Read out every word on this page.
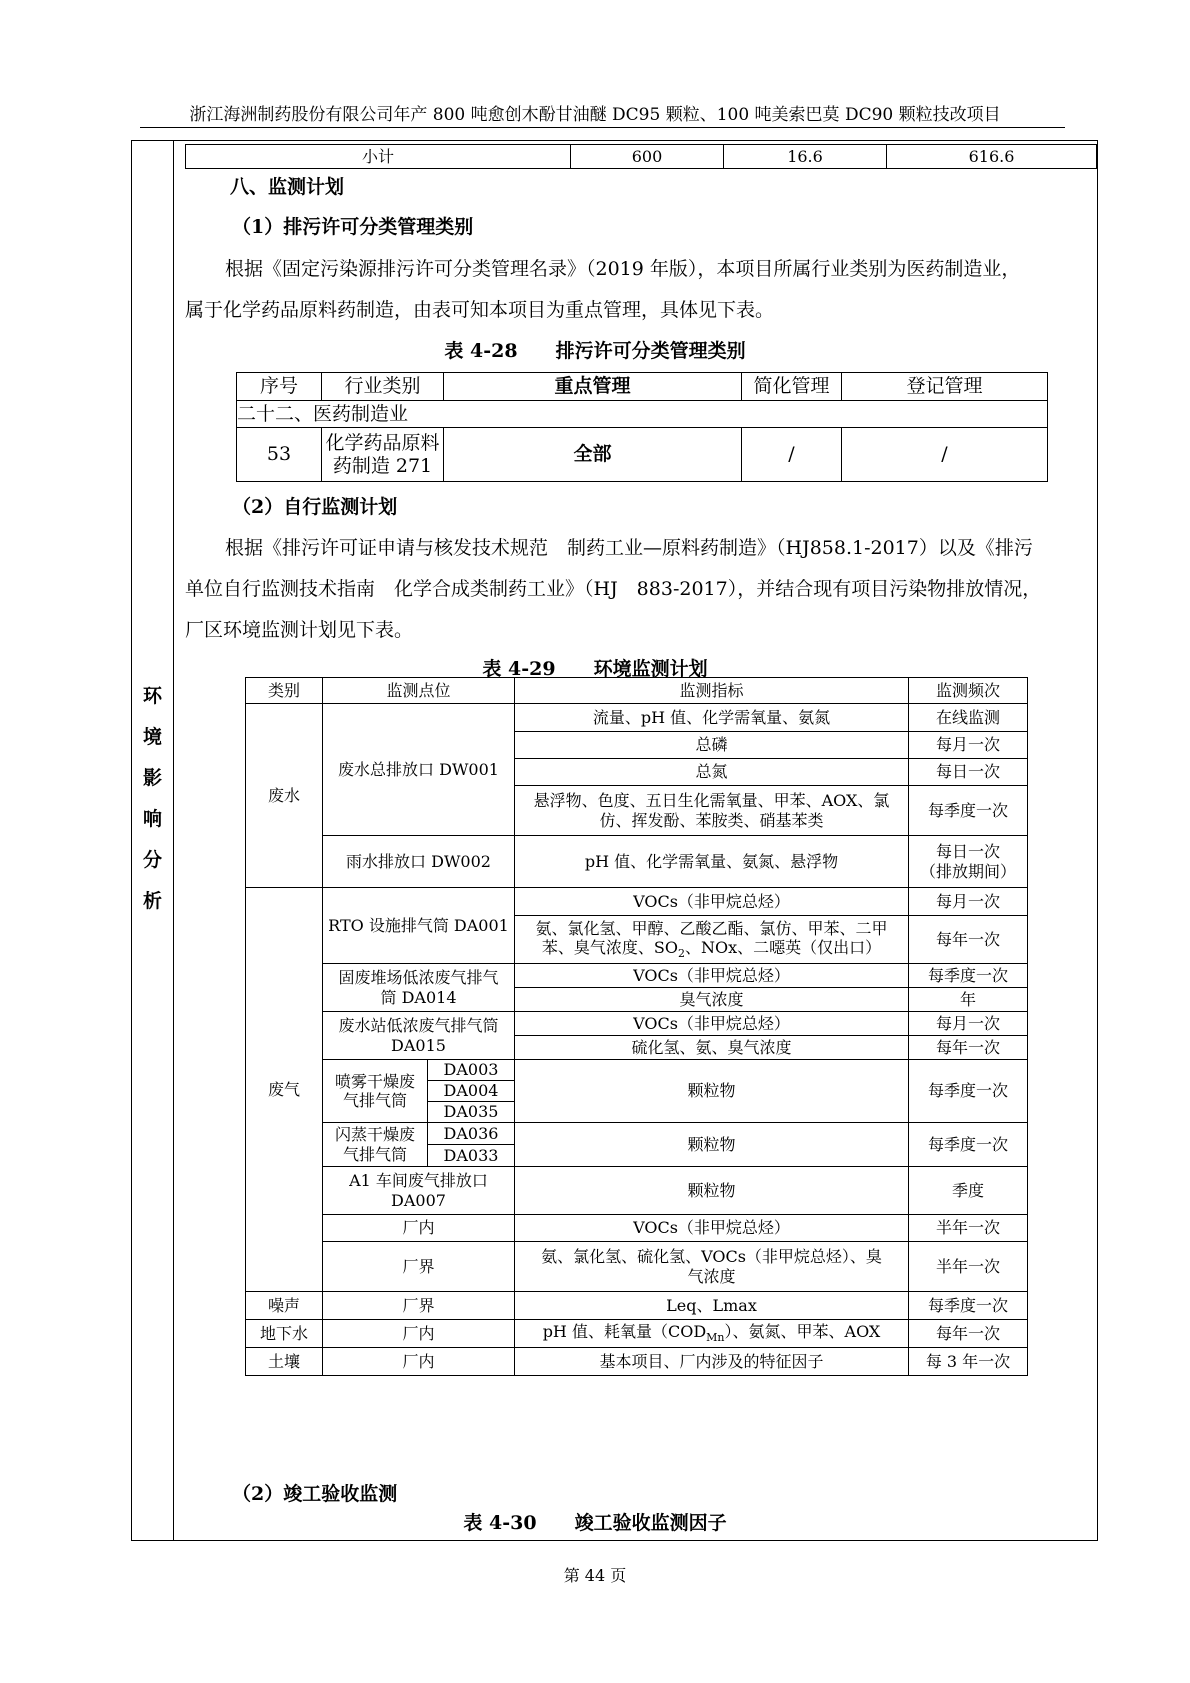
浙江海洲制药股份有限公司年产 800 吨愈创木酚甘油醚 DC95 颗粒、100 吨美索巴莫 DC90 颗粒技改项目
环
境
影
响
分
析
小计	600	16.6	616.6
八、监测计划
（1）排污许可分类管理类别
根据《固定污染源排污许可分类管理名录》（2019 年版），本项目所属行业类别为医药制造业，
属于化学药品原料药制造，由表可知本项目为重点管理，具体见下表。
表 4-28　　排污许可分类管理类别
序号	行业类别	重点管理	简化管理	登记管理
二十二、医药制造业				
53	化学药品原料
药制造 271	全部	/	/
（2）自行监测计划
根据《排污许可证申请与核发技术规范　制药工业—原料药制造》（HJ858.1-2017）以及《排污
单位自行监测技术指南　化学合成类制药工业》（HJ　883-2017），并结合现有项目污染物排放情况，
厂区环境监测计划见下表。
表 4-29　　环境监测计划
类别	监测点位		监测指标	监测频次
废水	废水总排放口 DW001		流量、pH 值、化学需氧量、氨氮	在线监测
			总磷	每月一次
			总氮	每日一次

			悬浮物、色度、五日生化需氧量、甲苯、AOX、氯
仿、挥发酚、苯胺类、硝基苯类	每季度一次
	雨水排放口 DW002		pH 值、化学需氧量、氨氮、悬浮物	每日一次
（排放期间）

废气	RTO 设施排气筒 DA001		VOCs（非甲烷总烃）	每月一次

			氨、氯化氢、甲醇、乙酸乙酯、氯仿、甲苯、二甲
苯、臭气浓度、$SO_2$、NOx、二噁英（仅出口）	每年一次

	固废堆场低浓废气排气
筒 DA014		VOCs（非甲烷总烃）	每季度一次
			臭气浓度	年

	废水站低浓废气排气筒
DA015		VOCs（非甲烷总烃）	每月一次
			硫化氢、氨、臭气浓度	每年一次

	喷雾干燥废
气排气筒	DA003	颗粒物	每季度一次
		DA004		
		DA035		

	闪蒸干燥废
气排气筒	DA036	颗粒物	每季度一次
		DA033		

	A1 车间废气排放口
DA007		颗粒物	季度
	厂内		VOCs（非甲烷总烃）	半年一次
	厂界		氨、氯化氢、硫化氢、VOCs（非甲烷总烃）、臭
气浓度	半年一次

噪声	厂界		Leq、Lmax	每季度一次
地下水	厂内		pH 值、耗氧量$(COD_{Mn})$、氨氮、甲苯、AOX	每年一次
土壤	厂内		基本项目、厂内涉及的特征因子	每 3 年一次
（2）竣工验收监测
表 4-30　　竣工验收监测因子
第 44 页
